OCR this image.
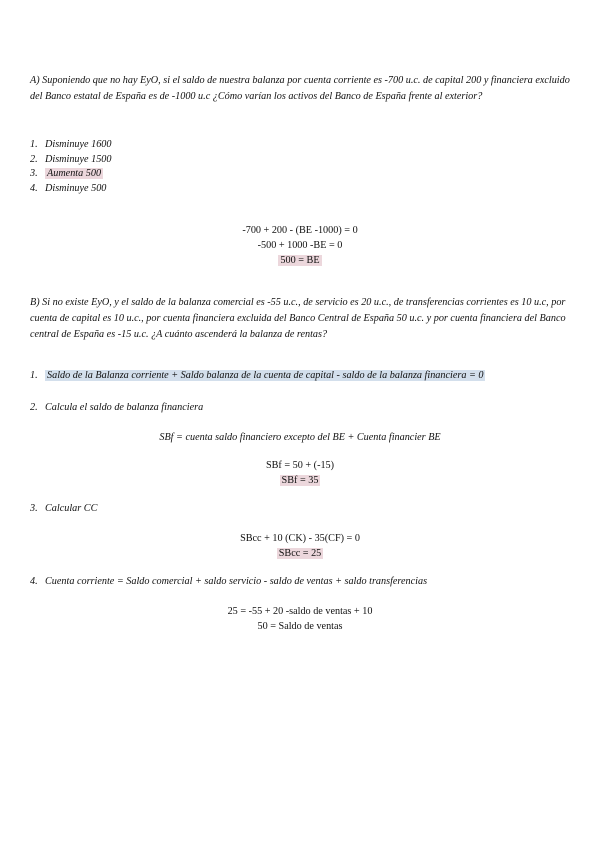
A) Suponiendo que no hay EyO, si el saldo de nuestra balanza por cuenta corriente es -700 u.c. de capital 200 y financiera excluido del Banco estatal de España es de -1000 u.c ¿Cómo varían los activos del Banco de España frente al exterior?
1. Disminuye 1600
2. Disminuye 1500
3. Aumenta 500
4. Disminuye 500
-700 + 200 - (BE -1000) = 0
-500 + 1000 -BE = 0
500 = BE
B) Si no existe EyO, y el saldo de la balanza comercial es -55 u.c., de servicio es 20 u.c., de transferencias corrientes es 10 u.c, por cuenta de capital es 10 u.c., por cuenta financiera excluida del Banco Central de España 50 u.c. y por cuenta financiera del Banco central de España es -15 u.c. ¿A cuánto ascenderá la balanza de rentas?
1. Saldo de la Balanza corriente + Saldo balanza de la cuenta de capital - saldo de la balanza financiera = 0
2. Calcula el saldo de balanza financiera
SBf = cuenta saldo financiero excepto del BE + Cuenta financier BE
SBf = 50 + (-15)
SBf = 35
3. Calcular CC
SBcc + 10 (CK) - 35(CF) = 0
SBcc = 25
4. Cuenta corriente = Saldo comercial + saldo servicio - saldo de ventas + saldo transferencias
25 = -55 + 20 -saldo de ventas + 10
50 = Saldo de ventas
